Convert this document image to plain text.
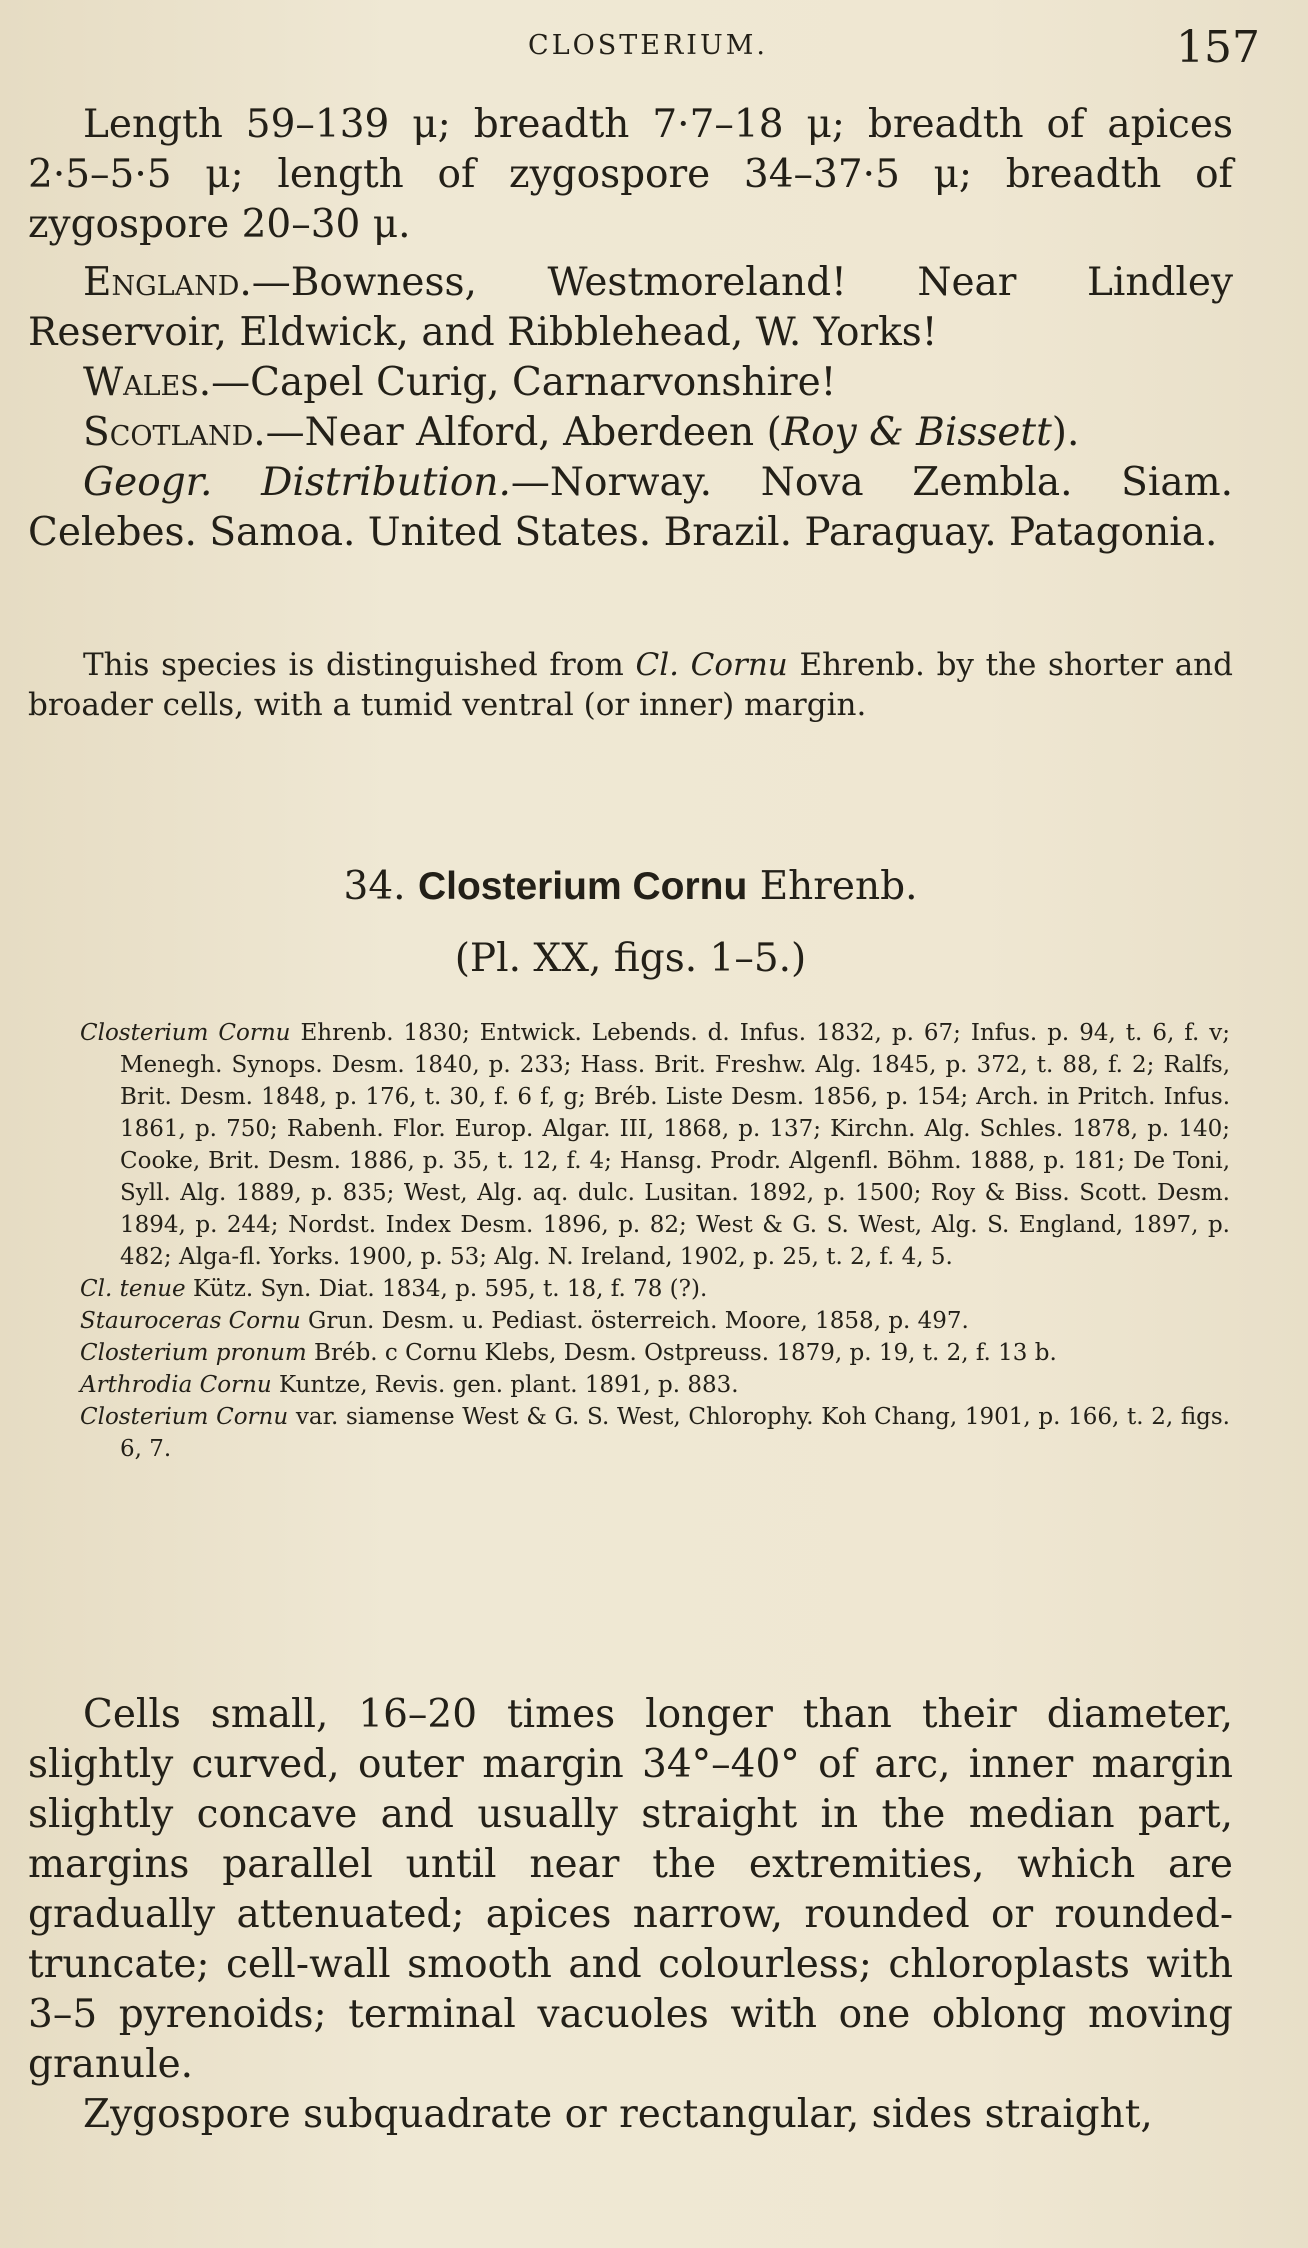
CLOSTERIUM.	157

Length 59–139 μ; breadth 7·7–18 μ; breadth of apices 2·5–5·5 μ; length of zygospore 34–37·5 μ; breadth of zygospore 20–30 μ.

England.—Bowness, Westmoreland! Near Lindley Reservoir, Eldwick, and Ribblehead, W. Yorks!

Wales.—Capel Curig, Carnarvonshire!

Scotland.—Near Alford, Aberdeen (Roy & Bissett).

Geogr. Distribution.—Norway. Nova Zembla. Siam. Celebes. Samoa. United States. Brazil. Paraguay. Patagonia.

This species is distinguished from Cl. Cornu Ehrenb. by the shorter and broader cells, with a tumid ventral (or inner) margin.

34. Closterium Cornu Ehrenb.
(Pl. XX, figs. 1–5.)

Closterium Cornu Ehrenb. 1830; Entwick. Lebends. d. Infus. 1832, p. 67; Infus. p. 94, t. 6, f. v; Menegh. Synops. Desm. 1840, p. 233; Hass. Brit. Freshw. Alg. 1845, p. 372, t. 88, f. 2; Ralfs, Brit. Desm. 1848, p. 176, t. 30, f. 6 f, g; Bréb. Liste Desm. 1856, p. 154; Arch. in Pritch. Infus. 1861, p. 750; Rabenh. Flor. Europ. Algar. III, 1868, p. 137; Kirchn. Alg. Schles. 1878, p. 140; Cooke, Brit. Desm. 1886, p. 35, t. 12, f. 4; Hansg. Prodr. Algenfl. Böhm. 1888, p. 181; De Toni, Syll. Alg. 1889, p. 835; West, Alg. aq. dulc. Lusitan. 1892, p. 1500; Roy & Biss. Scott. Desm. 1894, p. 244; Nordst. Index Desm. 1896, p. 82; West & G. S. West, Alg. S. England, 1897, p. 482; Alga-fl. Yorks. 1900, p. 53; Alg. N. Ireland, 1902, p. 25, t. 2, f. 4, 5.

Cl. tenue Kütz. Syn. Diat. 1834, p. 595, t. 18, f. 78 (?).

Stauroceras Cornu Grun. Desm. u. Pediast. österreich. Moore, 1858, p. 497.

Closterium pronum Bréb. c Cornu Klebs, Desm. Ostpreuss. 1879, p. 19, t. 2, f. 13 b.

Arthrodia Cornu Kuntze, Revis. gen. plant. 1891, p. 883.

Closterium Cornu var. siamense West & G. S. West, Chlorophy. Koh Chang, 1901, p. 166, t. 2, figs. 6, 7.

Cells small, 16–20 times longer than their diameter, slightly curved, outer margin 34°–40° of arc, inner margin slightly concave and usually straight in the median part, margins parallel until near the extremities, which are gradually attenuated; apices narrow, rounded or rounded-truncate; cell-wall smooth and colourless; chloroplasts with 3–5 pyrenoids; terminal vacuoles with one oblong moving granule.

Zygospore subquadrate or rectangular, sides straight,
